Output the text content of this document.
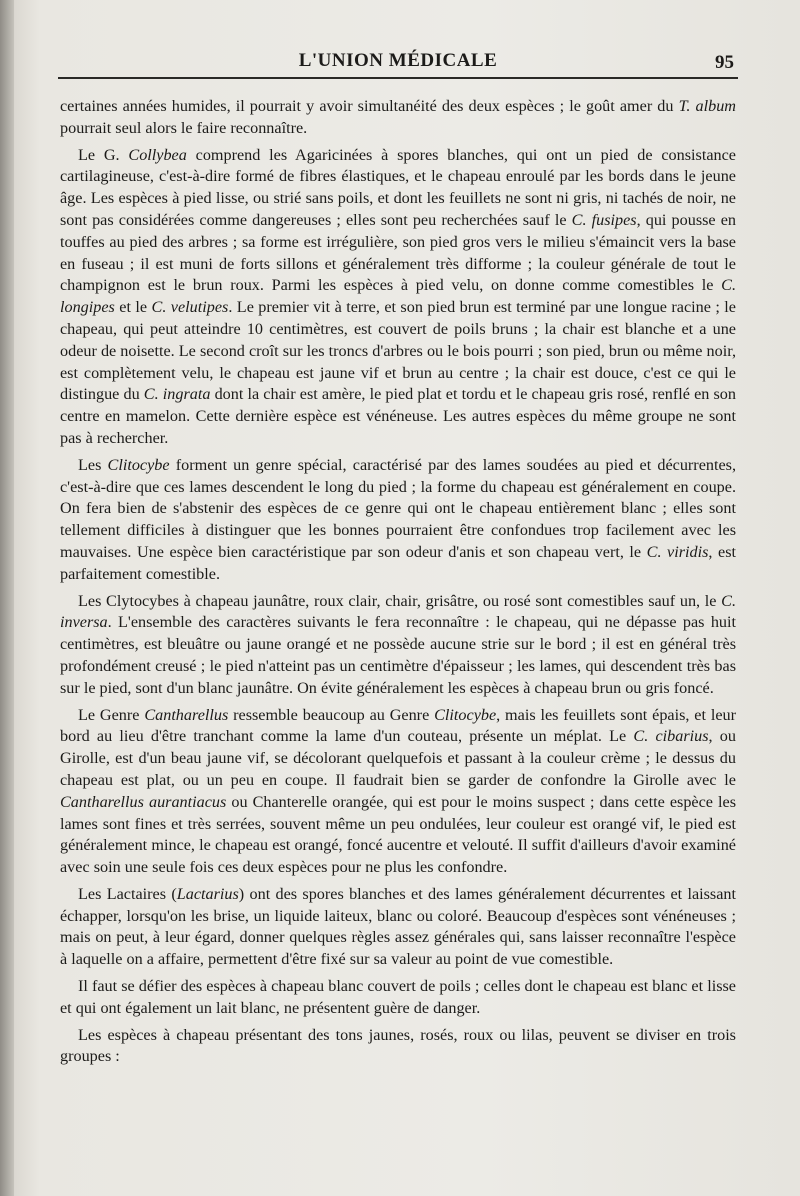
L'UNION MÉDICALE	95

certaines années humides, il pourrait y avoir simultanéité des deux espèces ; le goût amer du T. album pourrait seul alors le faire reconnaître.

Le G. Collybea comprend les Agaricinées à spores blanches, qui ont un pied de consistance cartilagineuse, c'est-à-dire formé de fibres élastiques, et le chapeau enroulé par les bords dans le jeune âge. Les espèces à pied lisse, ou strié sans poils, et dont les feuillets ne sont ni gris, ni tachés de noir, ne sont pas considérées comme dangereuses ; elles sont peu recherchées sauf le C. fusipes, qui pousse en touffes au pied des arbres ; sa forme est irrégulière, son pied gros vers le milieu s'émaincit vers la base en fuseau ; il est muni de forts sillons et généralement très difforme ; la couleur générale de tout le champignon est le brun roux. Parmi les espèces à pied velu, on donne comme comestibles le C. longipes et le C. velutipes. Le premier vit à terre, et son pied brun est terminé par une longue racine ; le chapeau, qui peut atteindre 10 centimètres, est couvert de poils bruns ; la chair est blanche et a une odeur de noisette. Le second croît sur les troncs d'arbres ou le bois pourri ; son pied, brun ou même noir, est complètement velu, le chapeau est jaune vif et brun au centre ; la chair est douce, c'est ce qui le distingue du C. ingrata dont la chair est amère, le pied plat et tordu et le chapeau gris rosé, renflé en son centre en mamelon. Cette dernière espèce est vénéneuse. Les autres espèces du même groupe ne sont pas à rechercher.

Les Clitocybe forment un genre spécial, caractérisé par des lames soudées au pied et décurrentes, c'est-à-dire que ces lames descendent le long du pied ; la forme du chapeau est généralement en coupe. On fera bien de s'abstenir des espèces de ce genre qui ont le chapeau entièrement blanc ; elles sont tellement difficiles à distinguer que les bonnes pourraient être confondues trop facilement avec les mauvaises. Une espèce bien caractéristique par son odeur d'anis et son chapeau vert, le C. viridis, est parfaitement comestible.

Les Clytocybes à chapeau jaunâtre, roux clair, chair, grisâtre, ou rosé sont comestibles sauf un, le C. inversa. L'ensemble des caractères suivants le fera reconnaître : le chapeau, qui ne dépasse pas huit centimètres, est bleuâtre ou jaune orangé et ne possède aucune strie sur le bord ; il est en général très profondément creusé ; le pied n'atteint pas un centimètre d'épaisseur ; les lames, qui descendent très bas sur le pied, sont d'un blanc jaunâtre. On évite généralement les espèces à chapeau brun ou gris foncé.

Le Genre Cantharellus ressemble beaucoup au Genre Clitocybe, mais les feuillets sont épais, et leur bord au lieu d'être tranchant comme la lame d'un couteau, présente un méplat. Le C. cibarius, ou Girolle, est d'un beau jaune vif, se décolorant quelquefois et passant à la couleur crème ; le dessus du chapeau est plat, ou un peu en coupe. Il faudrait bien se garder de confondre la Girolle avec le Cantharellus aurantiacus ou Chanterelle orangée, qui est pour le moins suspect ; dans cette espèce les lames sont fines et très serrées, souvent même un peu ondulées, leur couleur est orangé vif, le pied est généralement mince, le chapeau est orangé, foncé aucentre et velouté. Il suffit d'ailleurs d'avoir examiné avec soin une seule fois ces deux espèces pour ne plus les confondre.

Les Lactaires (Lactarius) ont des spores blanches et des lames généralement décurrentes et laissant échapper, lorsqu'on les brise, un liquide laiteux, blanc ou coloré. Beaucoup d'espèces sont vénéneuses ; mais on peut, à leur égard, donner quelques règles assez générales qui, sans laisser reconnaître l'espèce à laquelle on a affaire, permettent d'être fixé sur sa valeur au point de vue comestible.

Il faut se défier des espèces à chapeau blanc couvert de poils ; celles dont le chapeau est blanc et lisse et qui ont également un lait blanc, ne présentent guère de danger.

Les espèces à chapeau présentant des tons jaunes, rosés, roux ou lilas, peuvent se diviser en trois groupes :
